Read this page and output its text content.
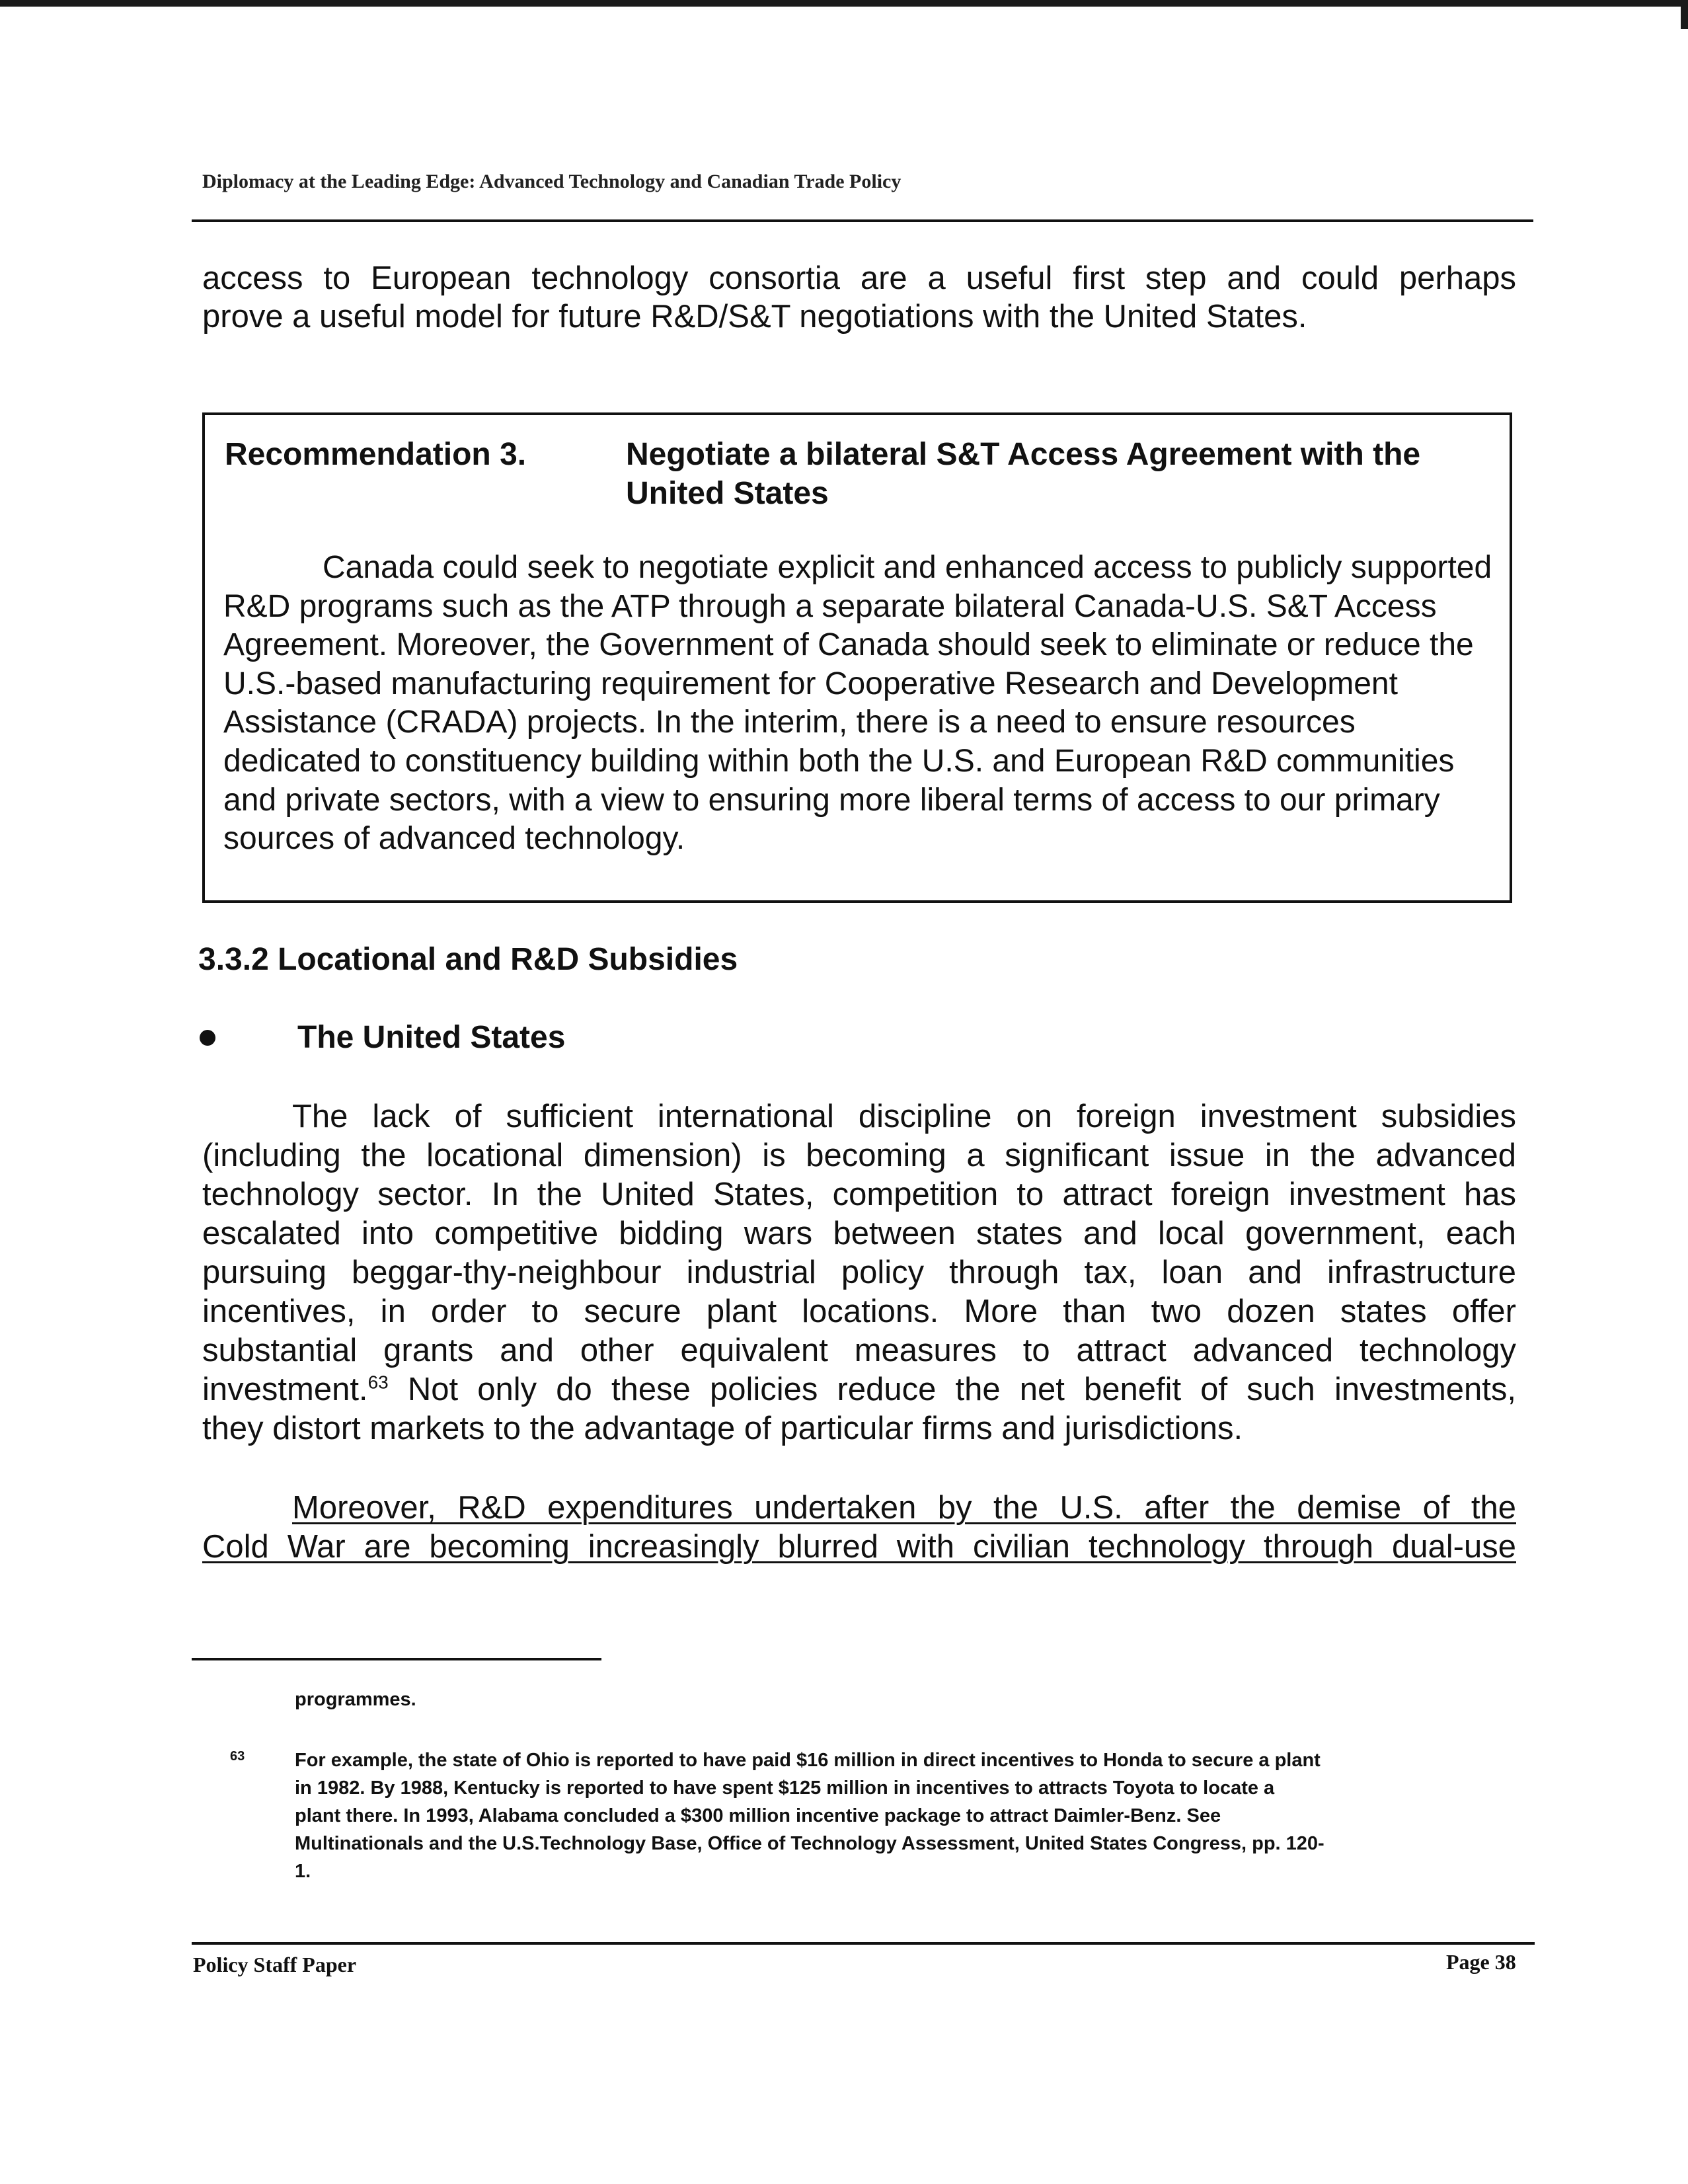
Diplomacy at the Leading Edge: Advanced Technology and Canadian Trade Policy
access to European technology consortia are a useful first step and could perhaps
prove a useful model for future R&D/S&T negotiations with the United States.
Recommendation 3.	Negotiate a bilateral S&T Access Agreement with the United States

Canada could seek to negotiate explicit and enhanced access to publicly supported R&D programs such as the ATP through a separate bilateral Canada-U.S. S&T Access Agreement. Moreover, the Government of Canada should seek to eliminate or reduce the U.S.-based manufacturing requirement for Cooperative Research and Development Assistance (CRADA) projects. In the interim, there is a need to ensure resources dedicated to constituency building within both the U.S. and European R&D communities and private sectors, with a view to ensuring more liberal terms of access to our primary sources of advanced technology.

3.3.2 Locational and R&D Subsidies
The United States
The lack of sufficient international discipline on foreign investment subsidies
(including the locational dimension) is becoming a significant issue in the advanced
technology sector. In the United States, competition to attract foreign investment has
escalated into competitive bidding wars between states and local government, each
pursuing beggar-thy-neighbour industrial policy through tax, loan and infrastructure
incentives, in order to secure plant locations. More than two dozen states offer
substantial grants and other equivalent measures to attract advanced technology
investment.$^{63}$ Not only do these policies reduce the net benefit of such investments,
they distort markets to the advantage of particular firms and jurisdictions.
Moreover, R&D expenditures undertaken by the U.S. after the demise of the
Cold War are becoming increasingly blurred with civilian technology through dual-use
programmes.
63	For example, the state of Ohio is reported to have paid $16 million in direct incentives to Honda to secure a plant
in 1982. By 1988, Kentucky is reported to have spent $125 million in incentives to attracts Toyota to locate a
plant there. In 1993, Alabama concluded a $300 million incentive package to attract Daimler-Benz. See
Multinationals and the U.S.Technology Base, Office of Technology Assessment, United States Congress, pp. 120-
1.
Policy Staff Paper	Page 38
